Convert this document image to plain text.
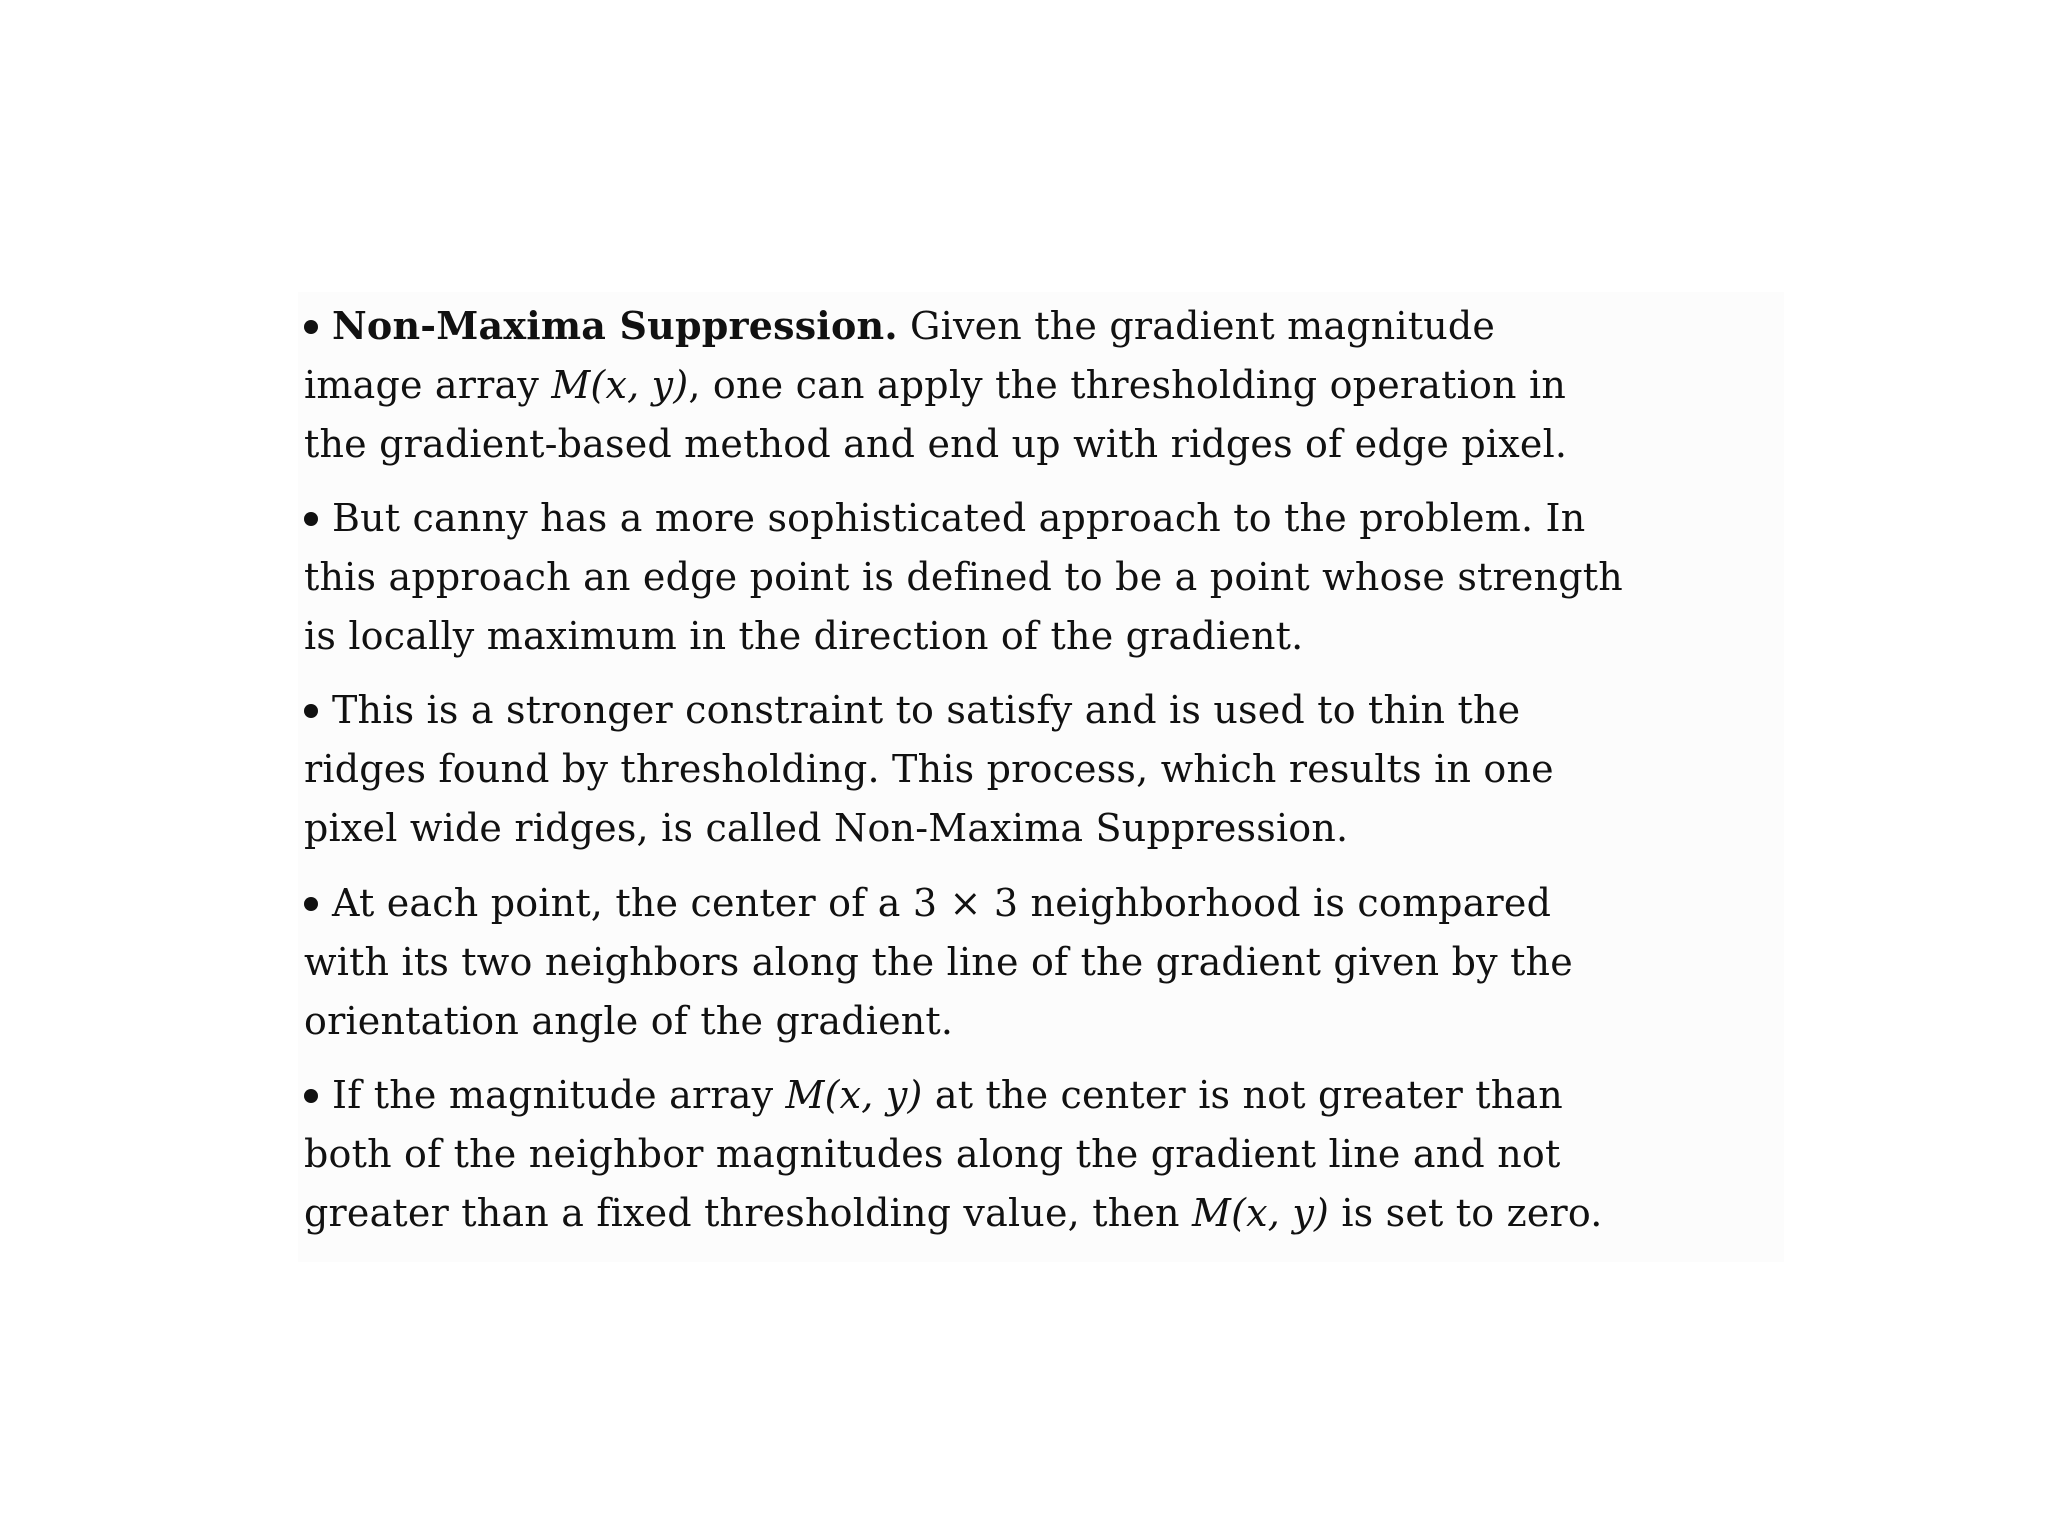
Non-Maxima Suppression. Given the gradient magnitude
image array M(x, y), one can apply the thresholding operation in
the gradient-based method and end up with ridges of edge pixel.
But canny has a more sophisticated approach to the problem. In
this approach an edge point is defined to be a point whose strength
is locally maximum in the direction of the gradient.
This is a stronger constraint to satisfy and is used to thin the
ridges found by thresholding. This process, which results in one
pixel wide ridges, is called Non-Maxima Suppression.
At each point, the center of a 3 × 3 neighborhood is compared
with its two neighbors along the line of the gradient given by the
orientation angle of the gradient.
If the magnitude array M(x, y) at the center is not greater than
both of the neighbor magnitudes along the gradient line and not
greater than a fixed thresholding value, then M(x, y) is set to zero.
